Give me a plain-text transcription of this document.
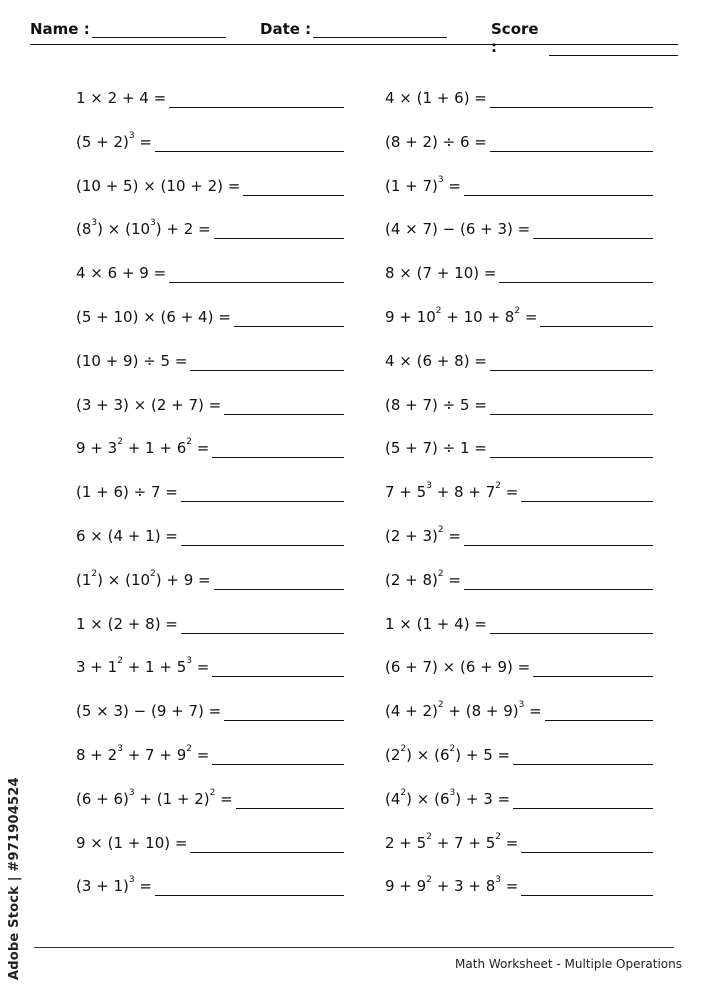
Name :	Date :	Score :
1 × 2 + 4 =
$(5 + 2)^3$ =
(10 + 5) × (10 + 2) =
$(8^3) \times (10^3) + 2$ =
4 × 6 + 9 =
(5 + 10) × (6 + 4) =
(10 + 9) ÷ 5 =
(3 + 3) × (2 + 7) =
$9 + 3^2 + 1 + 6^2$ =
(1 + 6) ÷ 7 =
6 × (4 + 1) =
$(1^2) \times (10^2) + 9$ =
1 × (2 + 8) =
$3 + 1^2 + 1 + 5^3$ =
(5 × 3) − (9 + 7) =
$8 + 2^3 + 7 + 9^2$ =
$(6 + 6)^3 + (1 + 2)^2$ =
9 × (1 + 10) =
$(3 + 1)^3$ =
4 × (1 + 6) =
(8 + 2) ÷ 6 =
$(1 + 7)^3$ =
(4 × 7) − (6 + 3) =
8 × (7 + 10) =
$9 + 10^2 + 10 + 8^2$ =
4 × (6 + 8) =
(8 + 7) ÷ 5 =
(5 + 7) ÷ 1 =
$7 + 5^3 + 8 + 7^2$ =
$(2 + 3)^2$ =
$(2 + 8)^2$ =
1 × (1 + 4) =
(6 + 7) × (6 + 9) =
$(4 + 2)^2 + (8 + 9)^3$ =
$(2^2) \times (6^2) + 5$ =
$(4^2) \times (6^3) + 3$ =
$2 + 5^2 + 7 + 5^2$ =
$9 + 9^2 + 3 + 8^3$ =
Math Worksheet - Multiple Operations
Adobe Stock | #971904524
